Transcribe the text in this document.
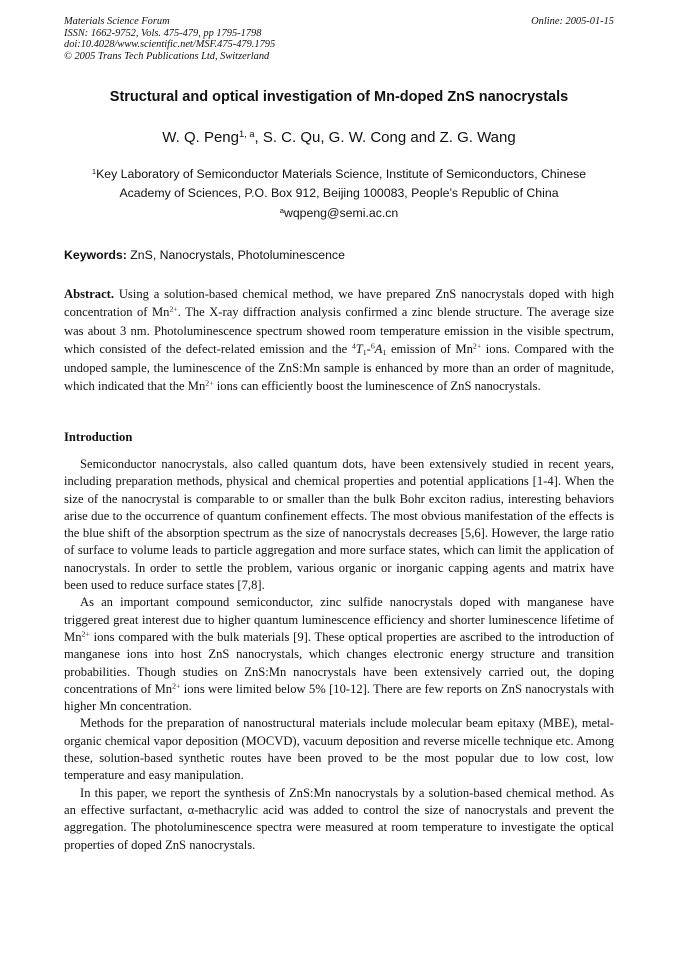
Materials Science Forum
ISSN: 1662-9752, Vols. 475-479, pp 1795-1798
doi:10.4028/www.scientific.net/MSF.475-479.1795
© 2005 Trans Tech Publications Ltd, Switzerland
Online: 2005-01-15
Structural and optical investigation of Mn-doped ZnS nanocrystals
W. Q. Peng$^{1, a}$, S. C. Qu, G. W. Cong and Z. G. Wang
$^1$Key Laboratory of Semiconductor Materials Science, Institute of Semiconductors, Chinese
Academy of Sciences, P.O. Box 912, Beijing 100083, People’s Republic of China
$^a$wqpeng@semi.ac.cn
Keywords: ZnS, Nanocrystals, Photoluminescence
Abstract. Using a solution-based chemical method, we have prepared ZnS nanocrystals doped with high concentration of $Mn^{2+}$. The X-ray diffraction analysis confirmed a zinc blende structure. The average size was about 3 nm. Photoluminescence spectrum showed room temperature emission in the visible spectrum, which consisted of the defect-related emission and the $^4T_1-^6A_1$ emission of $Mn^{2+}$ ions. Compared with the undoped sample, the luminescence of the ZnS:Mn sample is enhanced by more than an order of magnitude, which indicated that the $Mn^{2+}$ ions can efficiently boost the luminescence of ZnS nanocrystals.
Introduction

Semiconductor nanocrystals, also called quantum dots, have been extensively studied in recent years, including preparation methods, physical and chemical properties and potential applications [1-4]. When the size of the nanocrystal is comparable to or smaller than the bulk Bohr exciton radius, interesting behaviors arise due to the occurrence of quantum confinement effects. The most obvious manifestation of the effects is the blue shift of the absorption spectrum as the size of nanocrystals decreases [5,6]. However, the large ratio of surface to volume leads to particle aggregation and more surface states, which can limit the application of nanocrystals. In order to settle the problem, various organic or inorganic capping agents and matrix have been used to reduce surface states [7,8].

As an important compound semiconductor, zinc sulfide nanocrystals doped with manganese have triggered great interest due to higher quantum luminescence efficiency and shorter luminescence lifetime of $Mn^{2+}$ ions compared with the bulk materials [9]. These optical properties are ascribed to the introduction of manganese ions into host ZnS nanocrystals, which changes electronic energy structure and transition probabilities. Though studies on ZnS:Mn nanocrystals have been extensively carried out, the doping concentrations of $Mn^{2+}$ ions were limited below 5% [10-12]. There are few reports on ZnS nanocrystals with higher Mn concentration.

Methods for the preparation of nanostructural materials include molecular beam epitaxy (MBE), metal-organic chemical vapor deposition (MOCVD), vacuum deposition and reverse micelle technique etc. Among these, solution-based synthetic routes have been proved to be the most popular due to low cost, low temperature and easy manipulation.

In this paper, we report the synthesis of ZnS:Mn nanocrystals by a solution-based chemical method. As an effective surfactant, α-methacrylic acid was added to control the size of nanocrystals and prevent the aggregation. The photoluminescence spectra were measured at room temperature to investigate the optical properties of doped ZnS nanocrystals.
